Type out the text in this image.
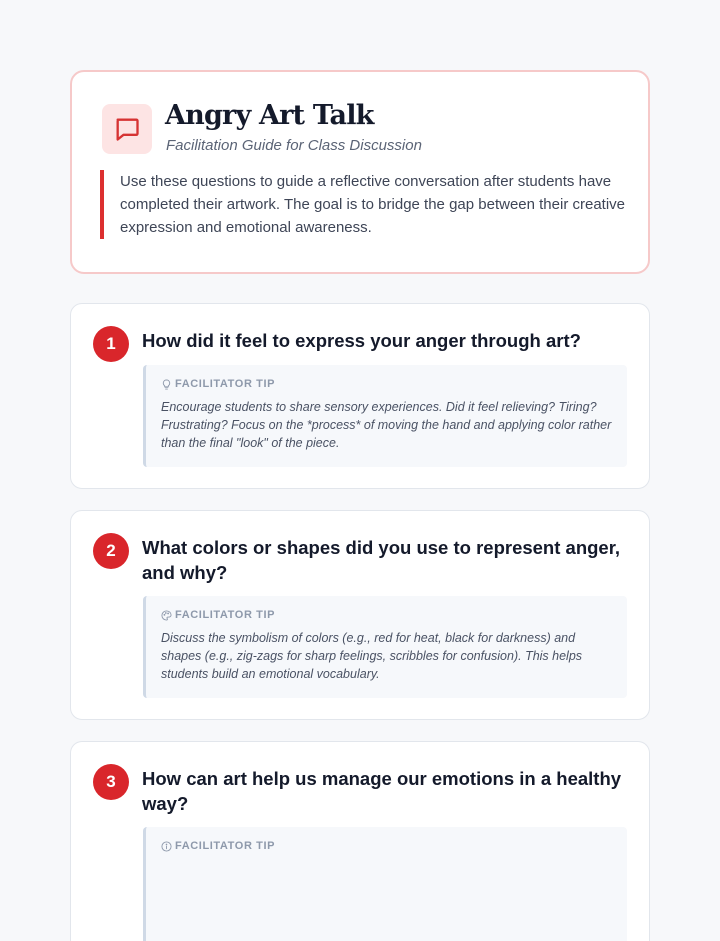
Angry Art Talk
Facilitation Guide for Class Discussion
Use these questions to guide a reflective conversation after students have completed their artwork. The goal is to bridge the gap between their creative expression and emotional awareness.
1	How did it feel to express your anger through art?
FACILITATOR TIP
Encourage students to share sensory experiences. Did it feel relieving? Tiring? Frustrating? Focus on the *process* of moving the hand and applying color rather than the final "look" of the piece.
2	What colors or shapes did you use to represent anger, and why?
FACILITATOR TIP
Discuss the symbolism of colors (e.g., red for heat, black for darkness) and shapes (e.g., zig-zags for sharp feelings, scribbles for confusion). This helps students build an emotional vocabulary.
3	How can art help us manage our emotions in a healthy way?
FACILITATOR TIP
